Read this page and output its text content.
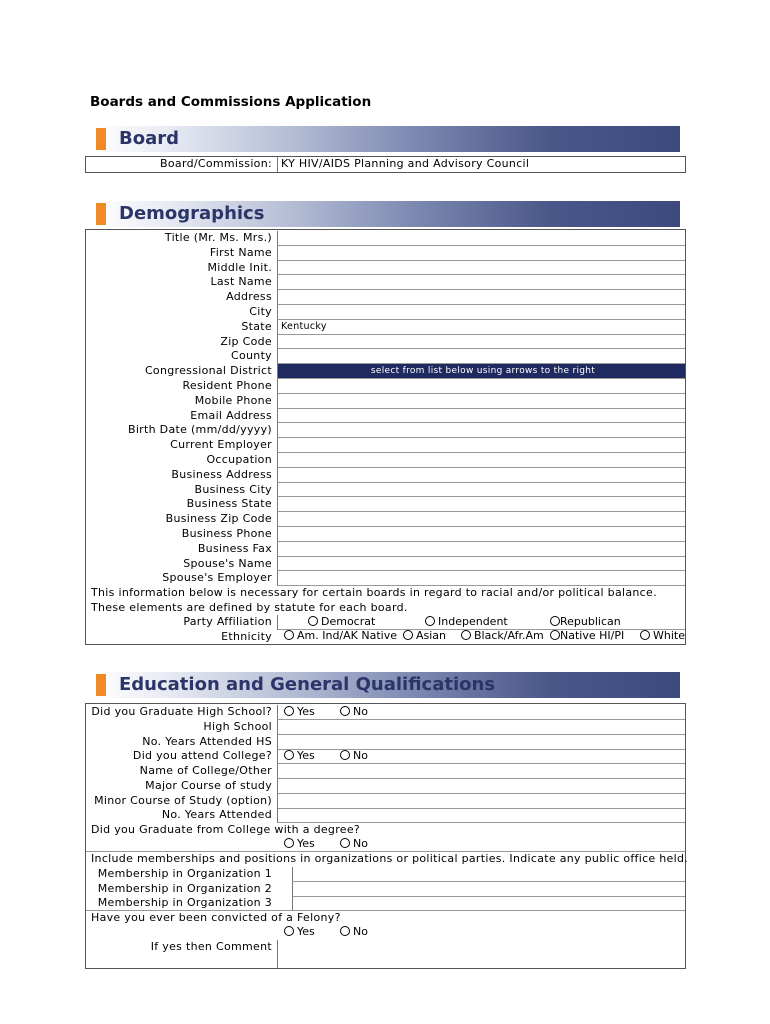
Boards and Commissions Application
Board
Board/Commission: KY HIV/AIDS Planning and Advisory Council
Demographics
Title (Mr. Ms. Mrs.)
First Name
Middle Init.
Last Name
Address
City
State Kentucky
Zip Code
County
Congressional District	select from list below using arrows to the right
Resident Phone
Mobile Phone
Email Address
Birth Date (mm/dd/yyyy)
Current Employer
Occupation
Business Address
Business City
Business State
Business Zip Code
Business Phone
Business Fax
Spouse's Name
Spouse's Employer
This information below is necessary for certain boards in regard to racial and/or political balance.
These elements are defined by statute for each board.
Party Affiliation	Democrat	Independent	Republican
Ethnicity	Am. Ind/AK Native	Asian	Black/Afr.Am	Native HI/PI	White
Education and General Qualifications
Did you Graduate High School?	Yes	No
High School
No. Years Attended HS
Did you attend College?	Yes	No
Name of College/Other
Major Course of study
Minor Course of Study (option)
No. Years Attended
Did you Graduate from College with a degree?
Yes	No
Include memberships and positions in organizations or political parties. Indicate any public office held.
Membership in Organization 1
Membership in Organization 2
Membership in Organization 3
Have you ever been convicted of a Felony?
Yes	No
If yes then Comment
